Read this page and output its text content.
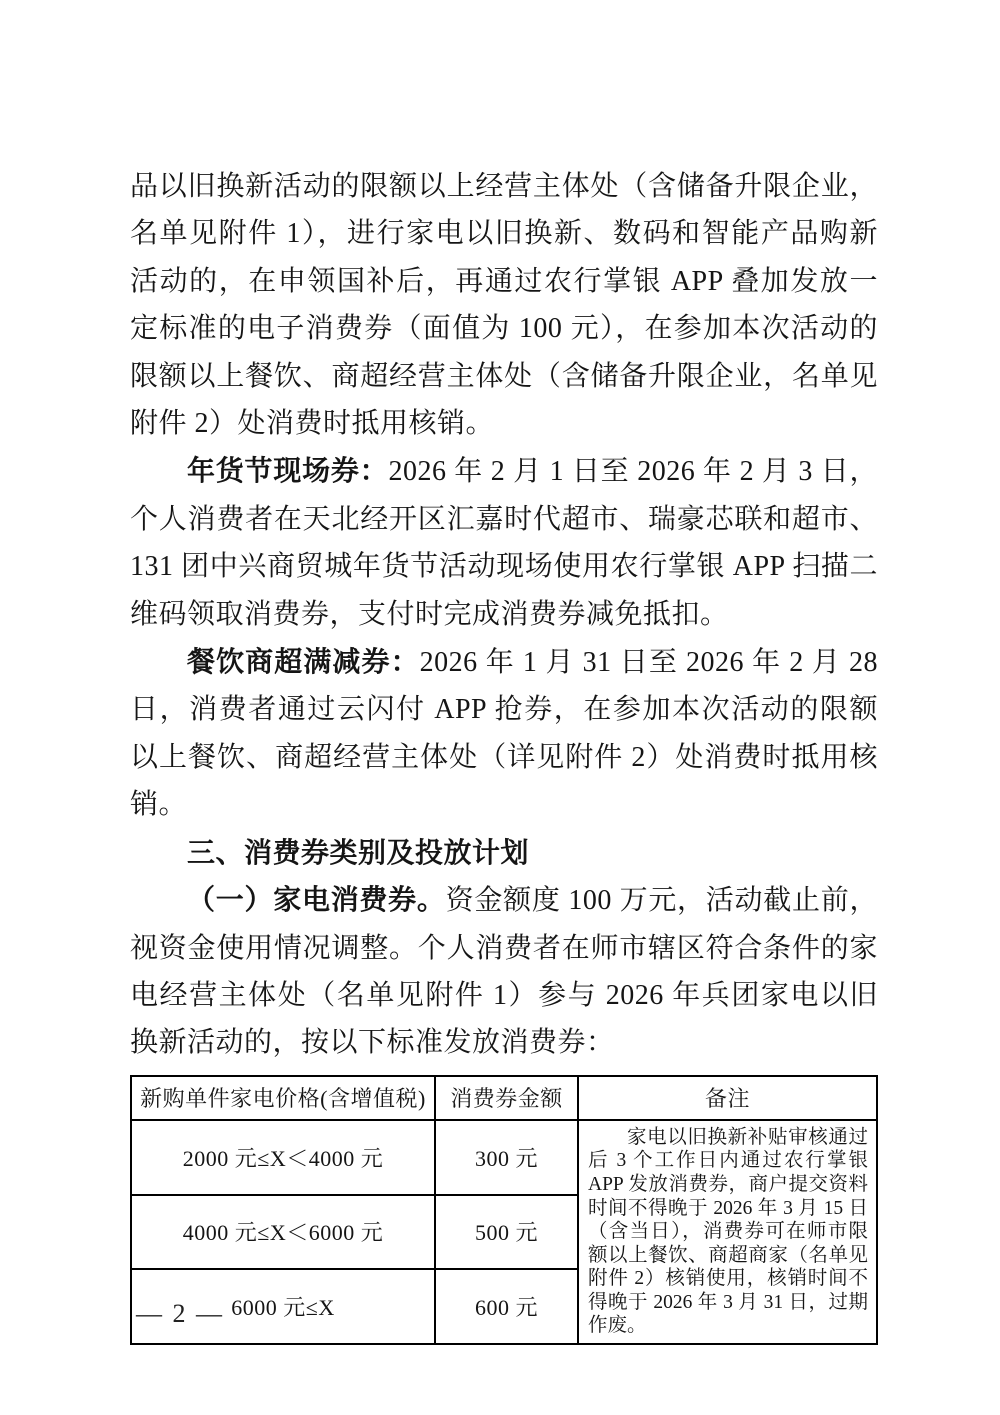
品以旧换新活动的限额以上经营主体处（含储备升限企业，名单见附件 1），进行家电以旧换新、数码和智能产品购新活动的，在申领国补后，再通过农行掌银 APP 叠加发放一定标准的电子消费券（面值为 100 元），在参加本次活动的限额以上餐饮、商超经营主体处（含储备升限企业，名单见附件 2）处消费时抵用核销。

年货节现场券：2026 年 2 月 1 日至 2026 年 2 月 3 日，个人消费者在天北经开区汇嘉时代超市、瑞豪芯联和超市、131 团中兴商贸城年货节活动现场使用农行掌银 APP 扫描二维码领取消费券，支付时完成消费券减免抵扣。

餐饮商超满减券：2026 年 1 月 31 日至 2026 年 2 月 28 日，消费者通过云闪付 APP 抢券，在参加本次活动的限额以上餐饮、商超经营主体处（详见附件 2）处消费时抵用核销。

三、消费券类别及投放计划

（一）家电消费券。资金额度 100 万元，活动截止前，视资金使用情况调整。个人消费者在师市辖区符合条件的家电经营主体处（名单见附件 1）参与 2026 年兵团家电以旧换新活动的，按以下标准发放消费券：

新购单件家电价格(含增值税)	消费券金额	备注
2000 元≤X＜4000 元	300 元	家电以旧换新补贴审核通过后 3 个工作日内通过农行掌银 APP 发放消费券，商户提交资料时间不得晚于 2026 年 3 月 15 日（含当日），消费券可在师市限额以上餐饮、商超商家（名单见附件 2）核销使用，核销时间不得晚于 2026 年 3 月 31 日，过期作废。
4000 元≤X＜6000 元	500 元	
6000 元≤X	600 元	
— 2 —
